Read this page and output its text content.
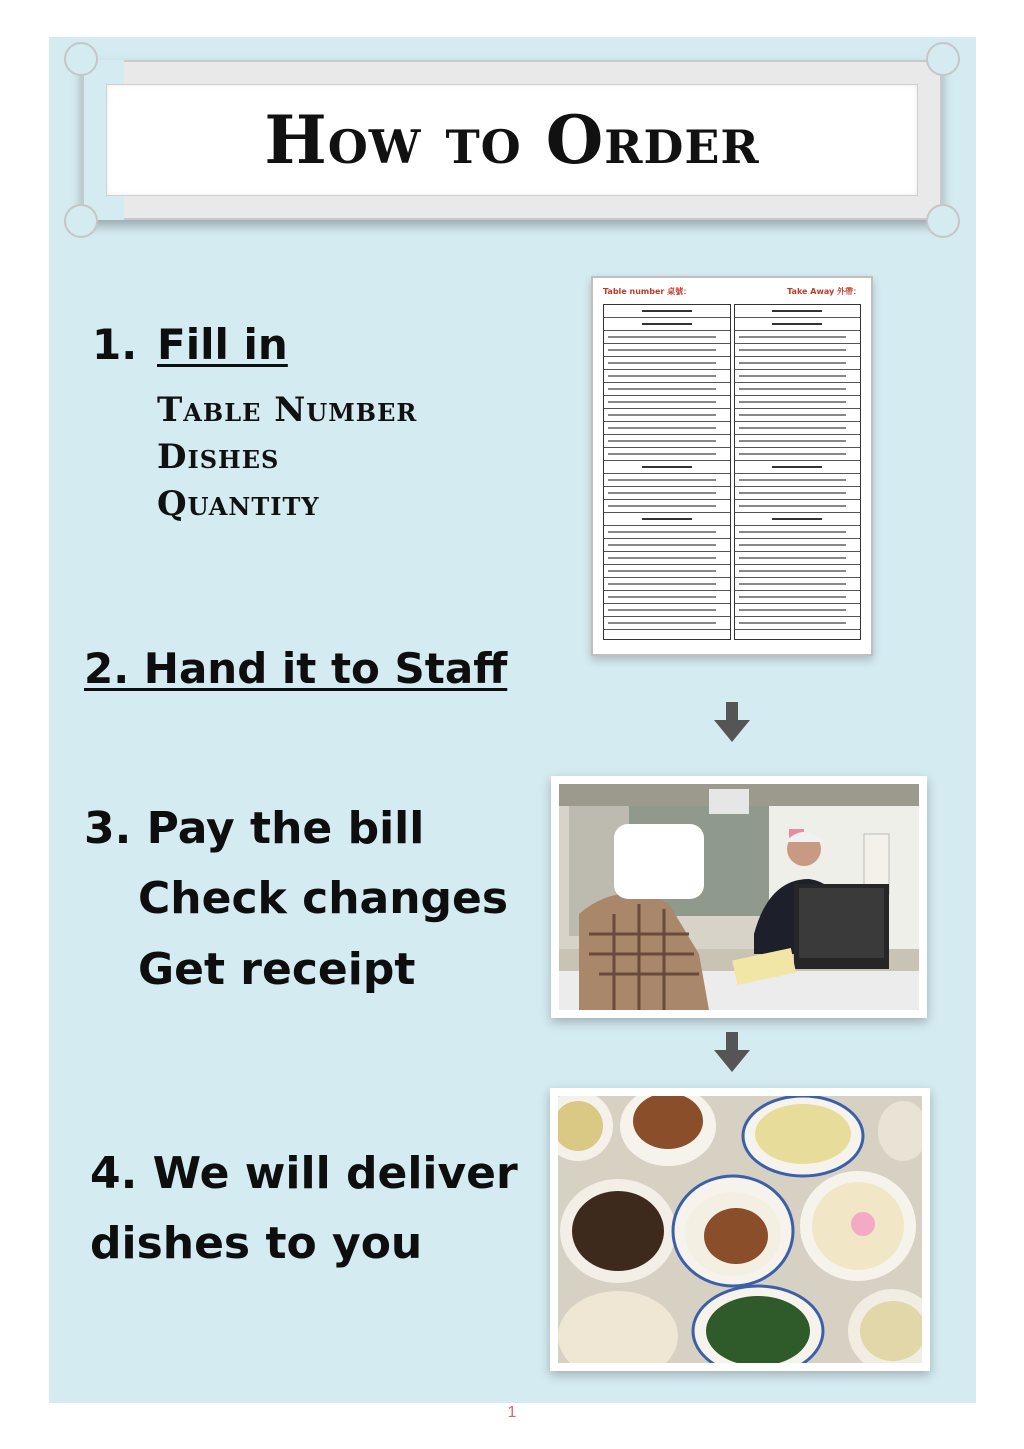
How to Order
1. Fill in
Table Number
Dishes
Quantity
Table number 桌號：	Take Away 外帶：
2. Hand it to Staff
3. Pay the bill
Check changes
Get receipt
4. We will deliver
dishes to you
1
